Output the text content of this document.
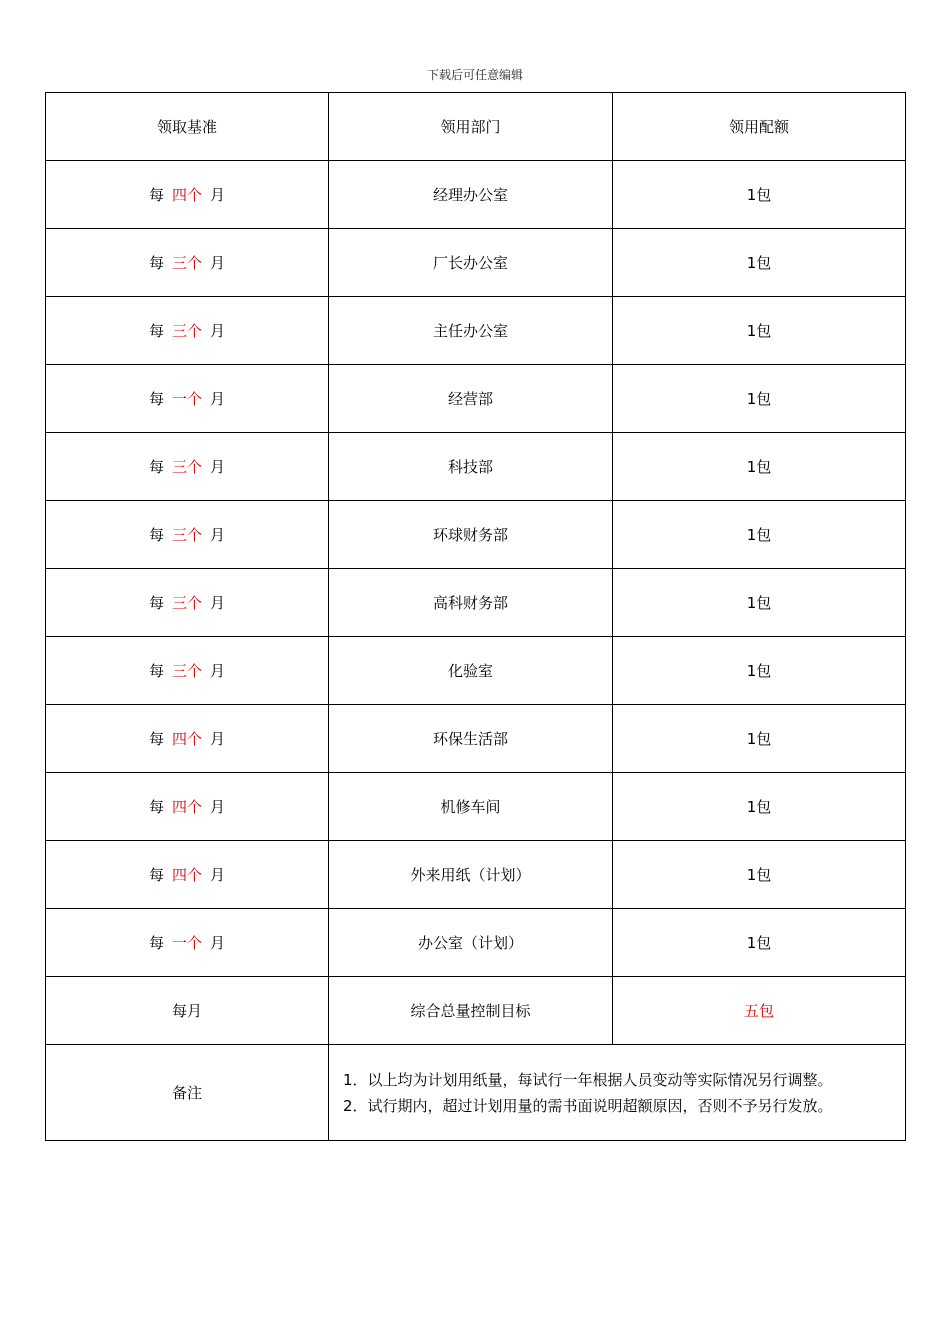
下载后可任意编辑
领取基准	领用部门	领用配额
每 四个 月	经理办公室	1包
每 三个 月	厂长办公室	1包
每 三个 月	主任办公室	1包
每 一个 月	经营部	1包
每 三个 月	科技部	1包
每 三个 月	环球财务部	1包
每 三个 月	高科财务部	1包
每 三个 月	化验室	1包
每 四个 月	环保生活部	1包
每 四个 月	机修车间	1包
每 四个 月	外来用纸（计划）	1包
每 一个 月	办公室（计划）	1包
每月	综合总量控制目标	五包
备注	1．以上均为计划用纸量，每试行一年根据人员变动等实际情况另行调整。
2．试行期内，超过计划用量的需书面说明超额原因，否则不予另行发放。	
